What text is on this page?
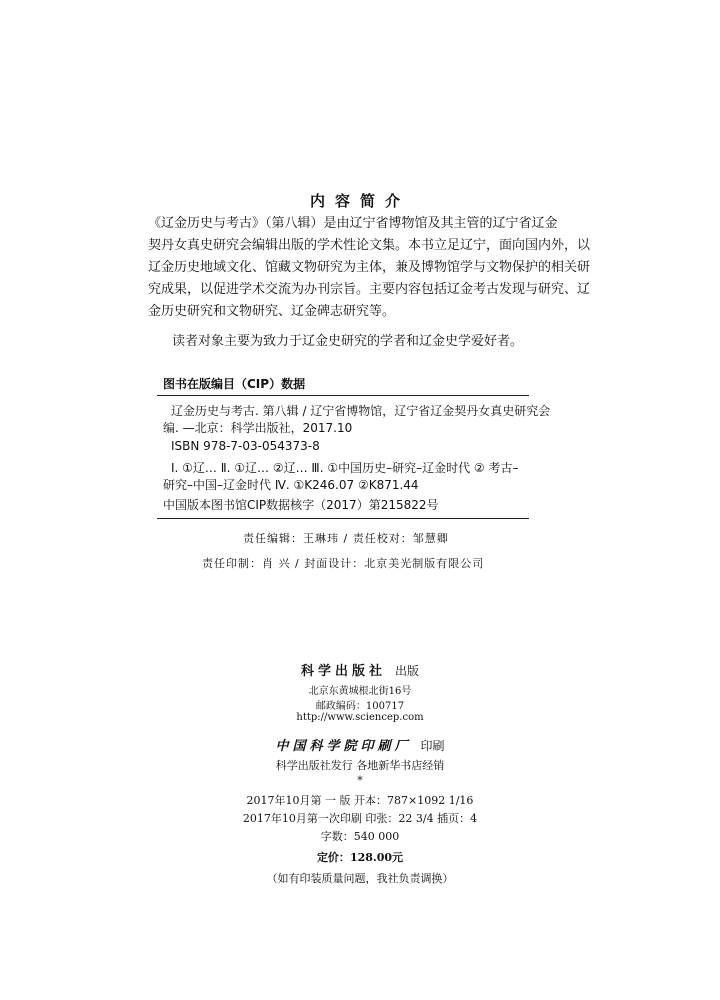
内容简介
《辽金历史与考古》（第八辑）是由辽宁省博物馆及其主管的辽宁省辽金
契丹女真史研究会编辑出版的学术性论文集。本书立足辽宁，面向国内外，以
辽金历史地域文化、馆藏文物研究为主体，兼及博物馆学与文物保护的相关研
究成果，以促进学术交流为办刊宗旨。主要内容包括辽金考古发现与研究、辽
金历史研究和文物研究、辽金碑志研究等。
读者对象主要为致力于辽金史研究的学者和辽金史学爱好者。
图书在版编目（CIP）数据
辽金历史与考古. 第八辑 / 辽宁省博物馆，辽宁省辽金契丹女真史研究会
编. —北京：科学出版社，2017.10
ISBN 978-7-03-054373-8
Ⅰ. ①辽… Ⅱ. ①辽… ②辽… Ⅲ. ①中国历史–研究–辽金时代 ② 考古–
研究–中国–辽金时代 Ⅳ. ①K246.07 ②K871.44
中国版本图书馆CIP数据核字（2017）第215822号
责任编辑：王琳玮 / 责任校对：邹慧卿
责任印制：肖 兴 / 封面设计：北京美光制版有限公司
科学出版社 出版
北京东黄城根北街16号
邮政编码：100717
http://www.sciencep.com
中国科学院印刷厂 印刷
科学出版社发行 各地新华书店经销
*
2017年10月第 一 版 开本：787×1092 1/16
2017年10月第一次印刷 印张：22 3/4 插页：4
字数：540 000
定价：128.00元
（如有印装质量问题，我社负责调换）
